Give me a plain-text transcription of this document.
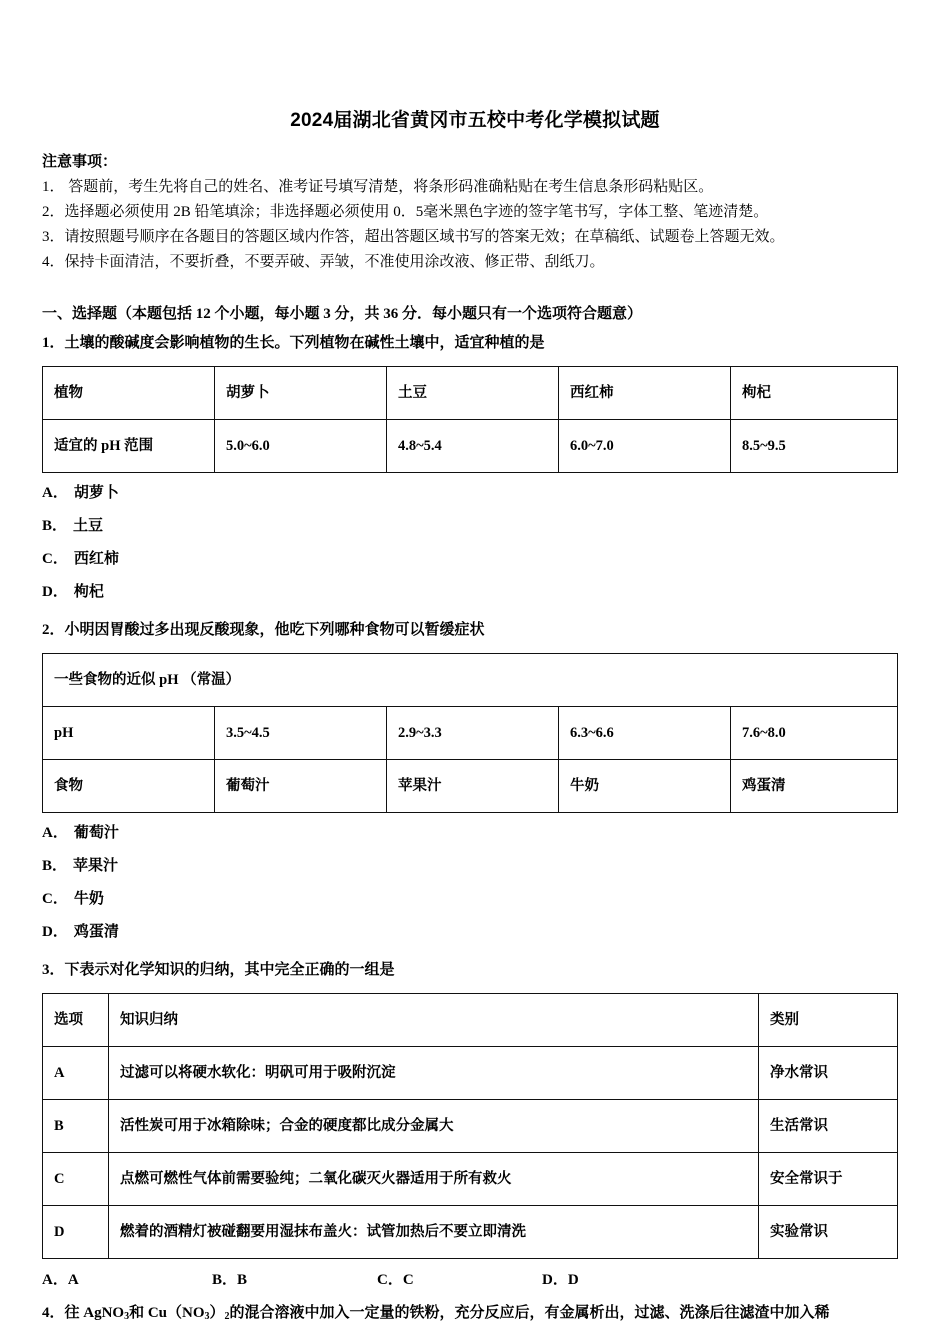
2024届湖北省黄冈市五校中考化学模拟试题
注意事项：
1． 答题前，考生先将自己的姓名、准考证号填写清楚，将条形码准确粘贴在考生信息条形码粘贴区。
2．选择题必须使用 2B 铅笔填涂；非选择题必须使用 0．5毫米黑色字迹的签字笔书写，字体工整、笔迹清楚。
3．请按照题号顺序在各题目的答题区域内作答，超出答题区域书写的答案无效；在草稿纸、试题卷上答题无效。
4．保持卡面清洁，不要折叠，不要弄破、弄皱，不准使用涂改液、修正带、刮纸刀。
一、选择题（本题包括 12 个小题，每小题 3 分，共 36 分．每小题只有一个选项符合题意）
1．土壤的酸碱度会影响植物的生长。下列植物在碱性土壤中，适宜种植的是
植物	胡萝卜	土豆	西红柿	枸杞
适宜的 pH 范围	5.0~6.0	4.8~5.4	6.0~7.0	8.5~9.5
A． 胡萝卜
B． 土豆
C． 西红柿
D． 枸杞
2．小明因胃酸过多出现反酸现象，他吃下列哪种食物可以暂缓症状
一些食物的近似 pH （常温）				
pH	3.5~4.5	2.9~3.3	6.3~6.6	7.6~8.0
食物	葡萄汁	苹果汁	牛奶	鸡蛋清
A． 葡萄汁
B． 苹果汁
C． 牛奶
D． 鸡蛋清
3．下表示对化学知识的归纳，其中完全正确的一组是
选项	知识归纳	类别
A	过滤可以将硬水软化：明矾可用于吸附沉淀	净水常识
B	活性炭可用于冰箱除味；合金的硬度都比成分金属大	生活常识
C	点燃可燃性气体前需要验纯；二氧化碳灭火器适用于所有救火	安全常识于
D	燃着的酒精灯被碰翻要用湿抹布盖火：试管加热后不要立即清洗	实验常识
A．A	B．B	C．C	D．D
4．往 AgNO$_3$和 $Cu(NO_3)_2$的混合溶液中加入一定量的铁粉，充分反应后，有金属析出，过滤、洗涤后往滤渣中加入稀
